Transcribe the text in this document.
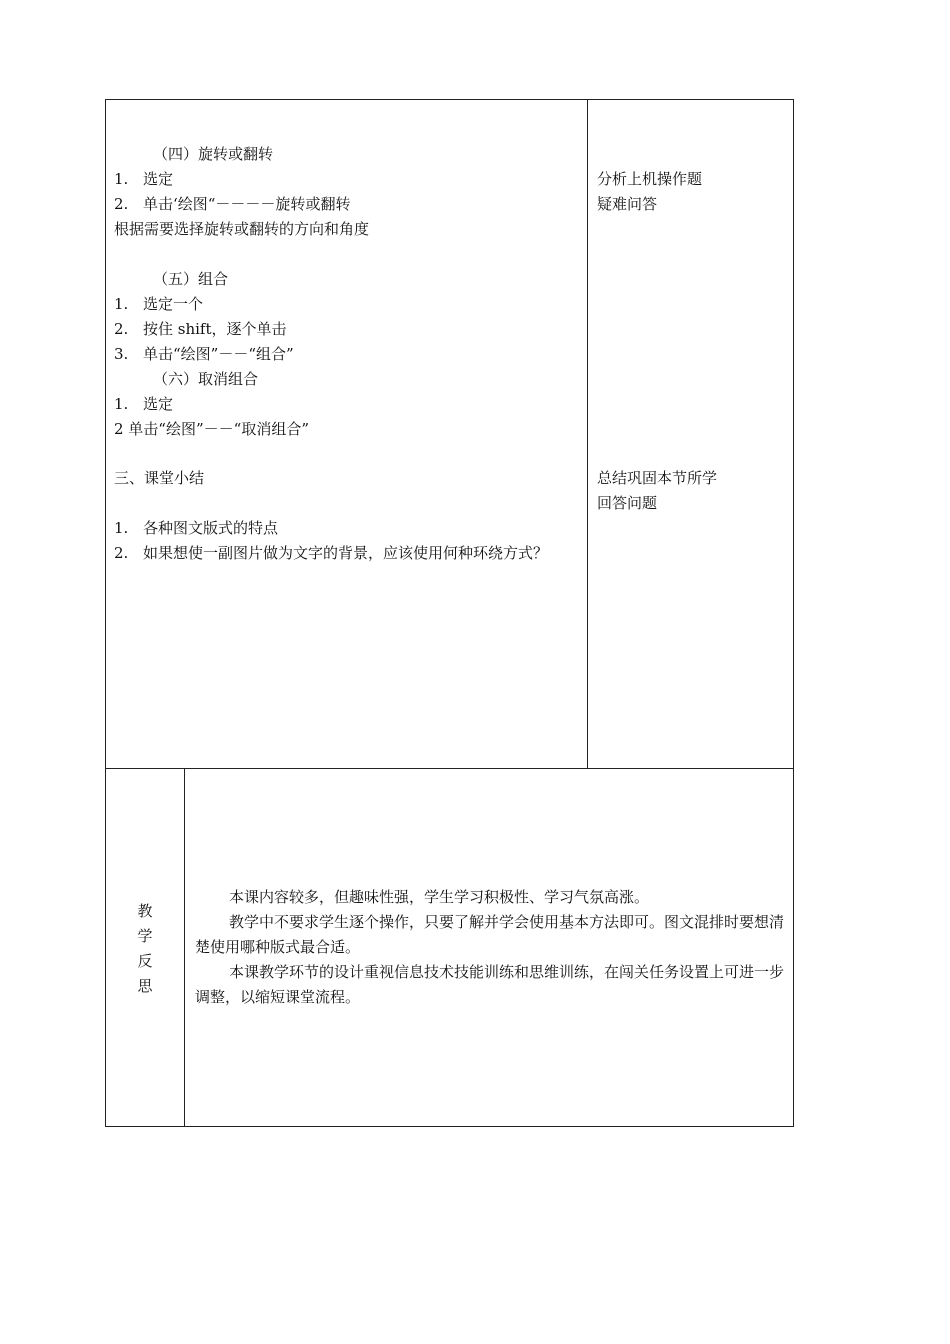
（四）旋转或翻转
1. 选定
2. 单击‘绘图“－－－－旋转或翻转
根据需要选择旋转或翻转的方向和角度
（五）组合
1. 选定一个
2. 按住 shift，逐个单击
3. 单击“绘图”－－“组合”
（六）取消组合
1. 选定
2 单击“绘图”－－“取消组合”
三、课堂小结
1. 各种图文版式的特点
2. 如果想使一副图片做为文字的背景，应该使用何种环绕方式？
分析上机操作题
疑难问答
总结巩固本节所学
回答问题
教
学
反
思
本课内容较多，但趣味性强，学生学习积极性、学习气氛高涨。
教学中不要求学生逐个操作，只要了解并学会使用基本方法即可。图文混排时要想清楚使用哪种版式最合适。
本课教学环节的设计重视信息技术技能训练和思维训练，在闯关任务设置上可进一步调整，以缩短课堂流程。
